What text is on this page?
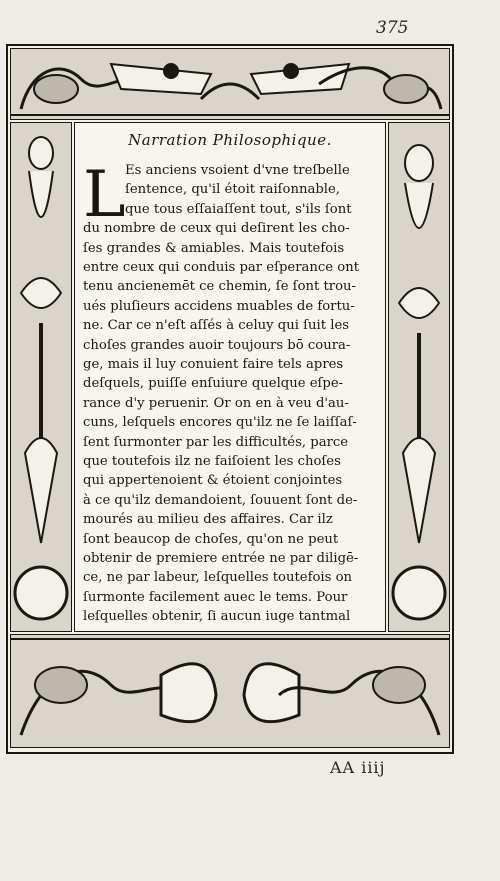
375
Narration Philosophique.
L Es anciens vsoient d'vne treſbelle
ſentence, qu'il étoit raiſonnable,
que tous eſſaiaſſent tout, s'ils ſont
du nombre de ceux qui deſirent les cho-
ſes grandes & amiables. Mais toutefois
entre ceux qui conduis par eſperance ont
tenu ancienemēt ce chemin, ſe ſont trou-
ués pluſieurs accidens muables de fortu-
ne. Car ce n'eſt aſſés à celuy qui ſuit les
choſes grandes auoir toujours bō coura-
ge, mais il luy conuient faire tels apres
deſquels, puiſſe enſuiure quelque eſpe-
rance d'y peruenir. Or on en à veu d'au-
cuns, leſquels encores qu'ilz ne ſe laiſſaſ-
ſent ſurmonter par les difficultés, parce
que toutefois ilz ne faiſoient les choſes
qui appertenoient & étoient conjointes
à ce qu'ilz demandoient, ſouuent ſont de-
mourés au milieu des affaires. Car ilz
ſont beaucop de choſes, qu'on ne peut
obtenir de premiere entrée ne par diligē-
ce, ne par labeur, leſquelles toutefois on
ſurmonte facilement auec le tems. Pour
leſquelles obtenir, ſi aucun iuge tantmal
AA iiij
